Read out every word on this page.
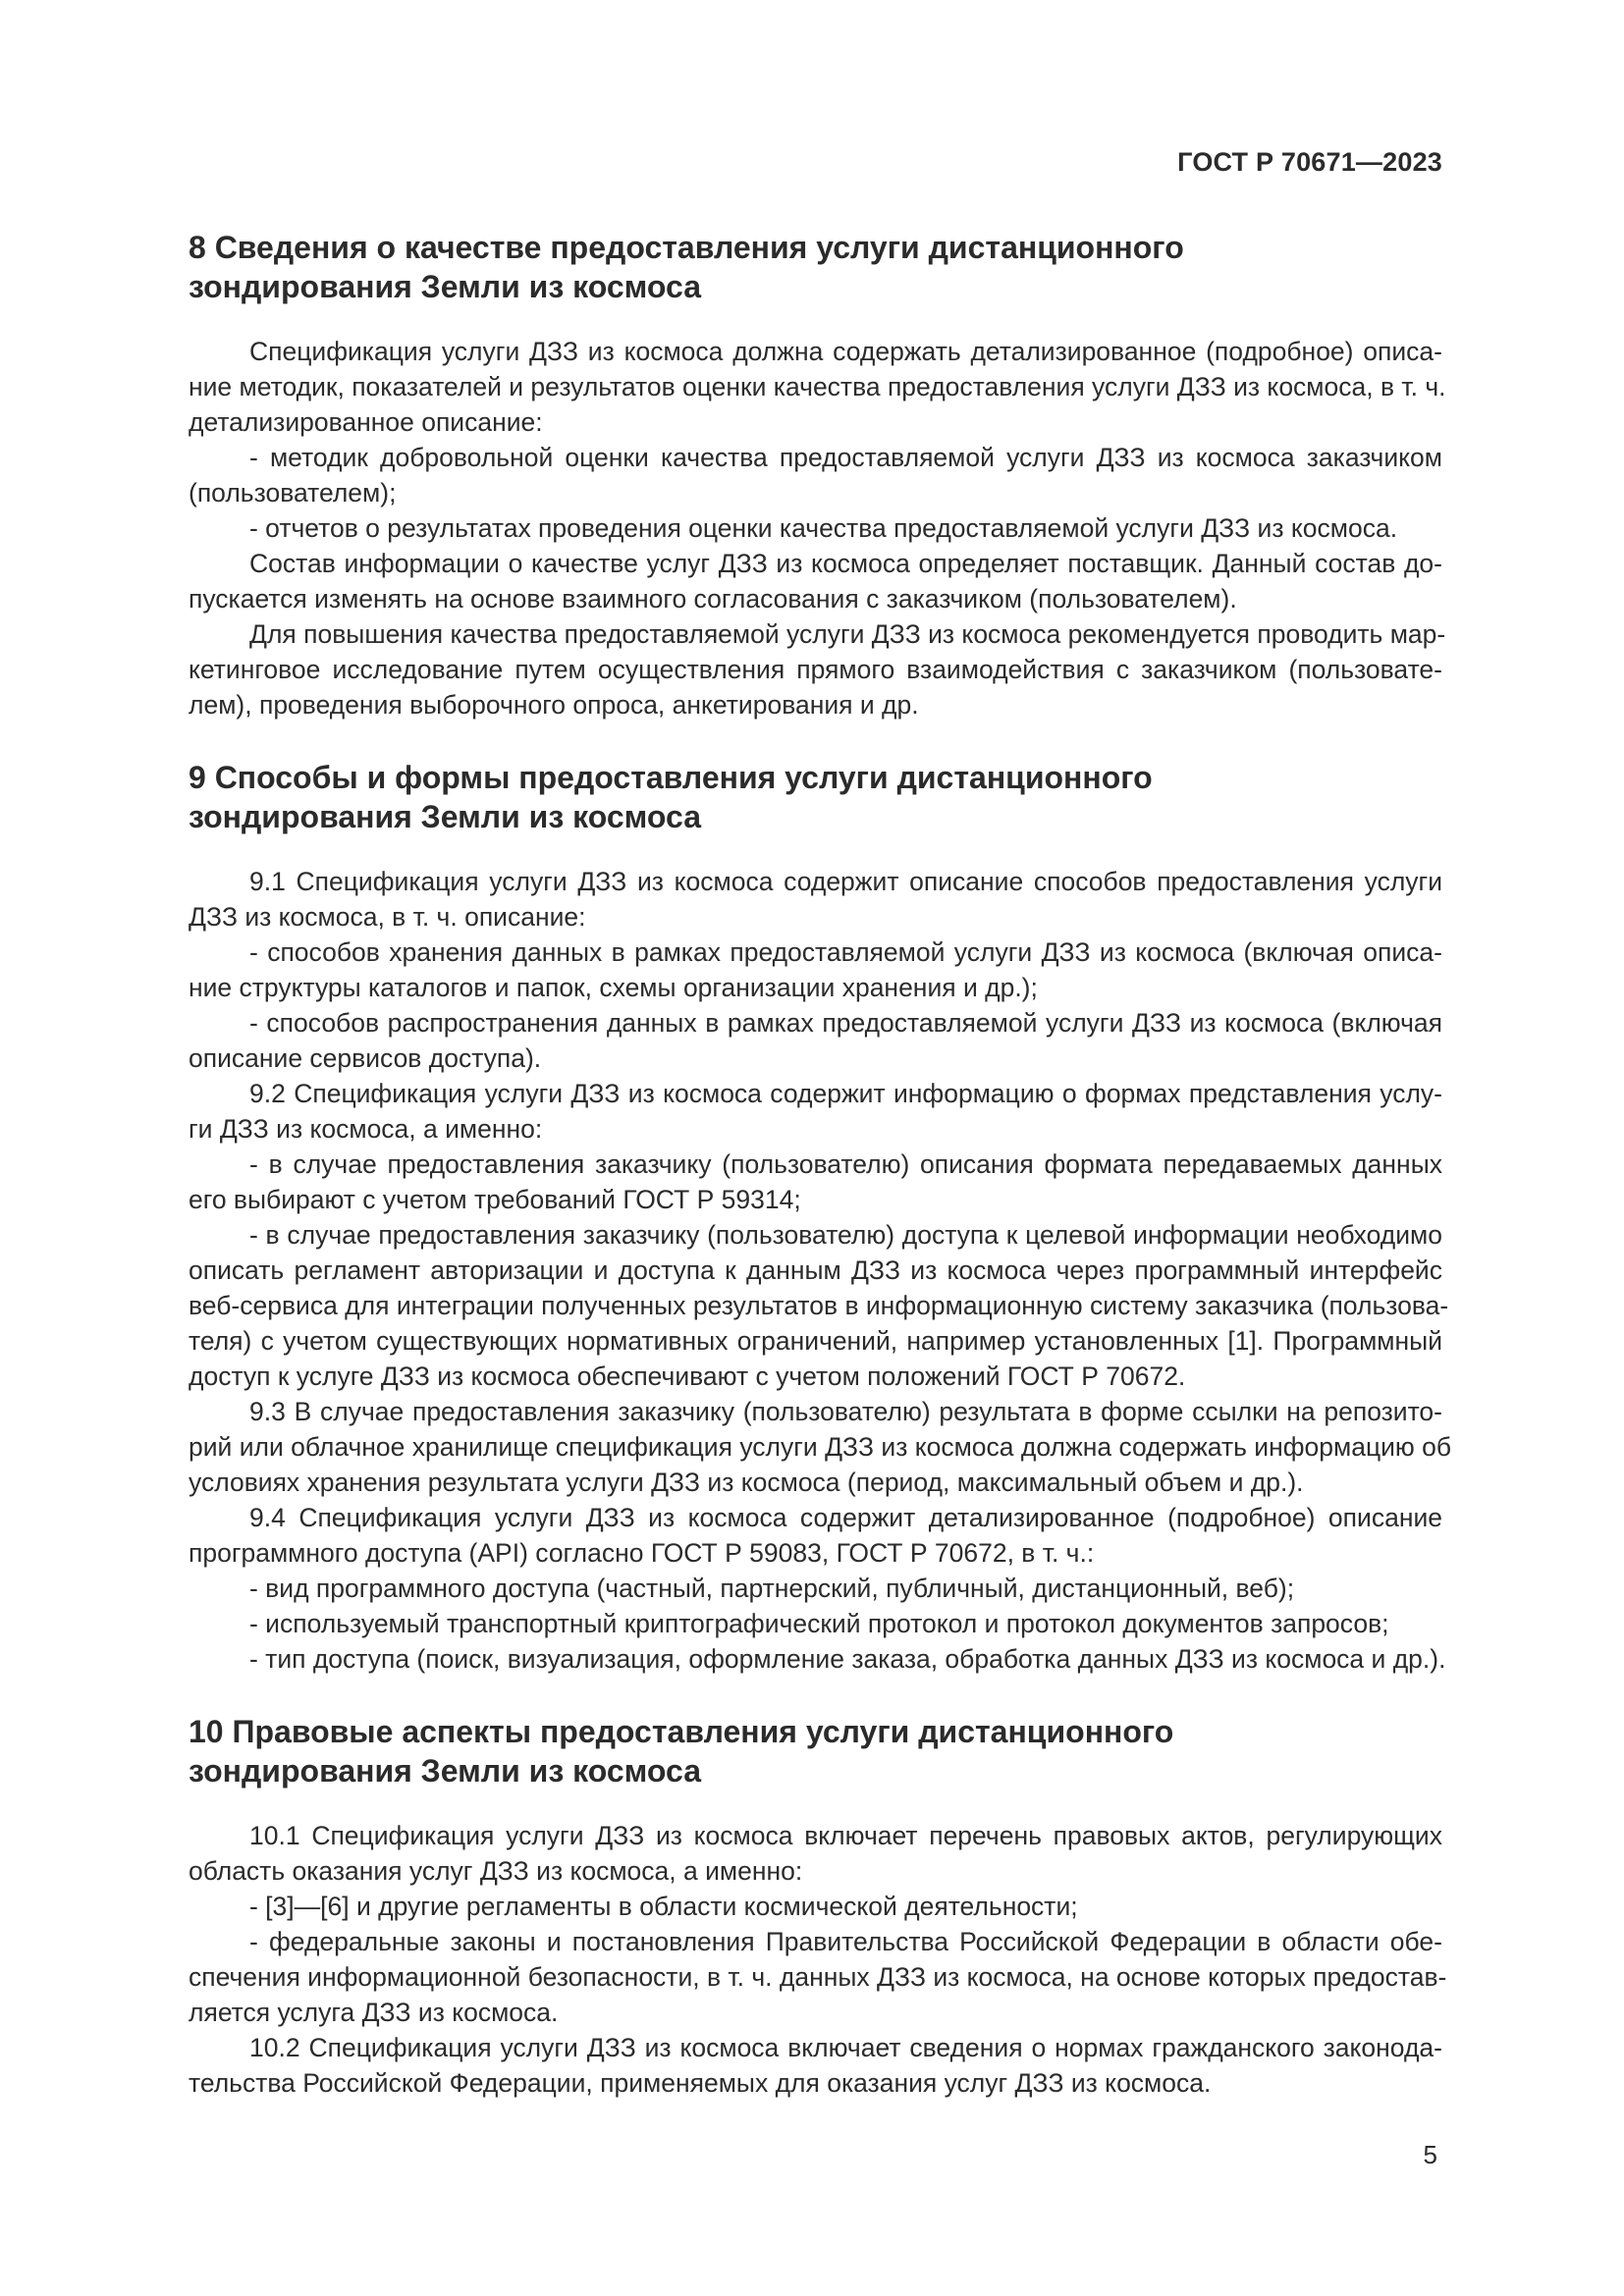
ГОСТ Р 70671—2023
8 Сведения о качестве предоставления услуги дистанционного
зондирования Земли из космоса
Спецификация услуги ДЗЗ из космоса должна содержать детализированное (подробное) описа-
ние методик, показателей и результатов оценки качества предоставления услуги ДЗЗ из космоса, в т. ч.
детализированное описание:
- методик добровольной оценки качества предоставляемой услуги ДЗЗ из космоса заказчиком
(пользователем);
- отчетов о результатах проведения оценки качества предоставляемой услуги ДЗЗ из космоса.
Состав информации о качестве услуг ДЗЗ из космоса определяет поставщик. Данный состав до-
пускается изменять на основе взаимного согласования с заказчиком (пользователем).
Для повышения качества предоставляемой услуги ДЗЗ из космоса рекомендуется проводить мар-
кетинговое исследование путем осуществления прямого взаимодействия с заказчиком (пользовате-
лем), проведения выборочного опроса, анкетирования и др.
9 Способы и формы предоставления услуги дистанционного
зондирования Земли из космоса
9.1 Спецификация услуги ДЗЗ из космоса содержит описание способов предоставления услуги
ДЗЗ из космоса, в т. ч. описание:
- способов хранения данных в рамках предоставляемой услуги ДЗЗ из космоса (включая описа-
ние структуры каталогов и папок, схемы организации хранения и др.);
- способов распространения данных в рамках предоставляемой услуги ДЗЗ из космоса (включая
описание сервисов доступа).
9.2 Спецификация услуги ДЗЗ из космоса содержит информацию о формах представления услу-
ги ДЗЗ из космоса, а именно:
- в случае предоставления заказчику (пользователю) описания формата передаваемых данных
его выбирают с учетом требований ГОСТ Р 59314;
- в случае предоставления заказчику (пользователю) доступа к целевой информации необходимо
описать регламент авторизации и доступа к данным ДЗЗ из космоса через программный интерфейс
веб-сервиса для интеграции полученных результатов в информационную систему заказчика (пользова-
теля) с учетом существующих нормативных ограничений, например установленных [1]. Программный
доступ к услуге ДЗЗ из космоса обеспечивают с учетом положений ГОСТ Р 70672.
9.3 В случае предоставления заказчику (пользователю) результата в форме ссылки на репозито-
рий или облачное хранилище спецификация услуги ДЗЗ из космоса должна содержать информацию об
условиях хранения результата услуги ДЗЗ из космоса (период, максимальный объем и др.).
9.4 Спецификация услуги ДЗЗ из космоса содержит детализированное (подробное) описание
программного доступа (API) согласно ГОСТ Р 59083, ГОСТ Р 70672, в т. ч.:
- вид программного доступа (частный, партнерский, публичный, дистанционный, веб);
- используемый транспортный криптографический протокол и протокол документов запросов;
- тип доступа (поиск, визуализация, оформление заказа, обработка данных ДЗЗ из космоса и др.).
10 Правовые аспекты предоставления услуги дистанционного
зондирования Земли из космоса
10.1 Спецификация услуги ДЗЗ из космоса включает перечень правовых актов, регулирующих
область оказания услуг ДЗЗ из космоса, а именно:
- [3]—[6] и другие регламенты в области космической деятельности;
- федеральные законы и постановления Правительства Российской Федерации в области обе-
спечения информационной безопасности, в т. ч. данных ДЗЗ из космоса, на основе которых предостав-
ляется услуга ДЗЗ из космоса.
10.2 Спецификация услуги ДЗЗ из космоса включает сведения о нормах гражданского законода-
тельства Российской Федерации, применяемых для оказания услуг ДЗЗ из космоса.
5
